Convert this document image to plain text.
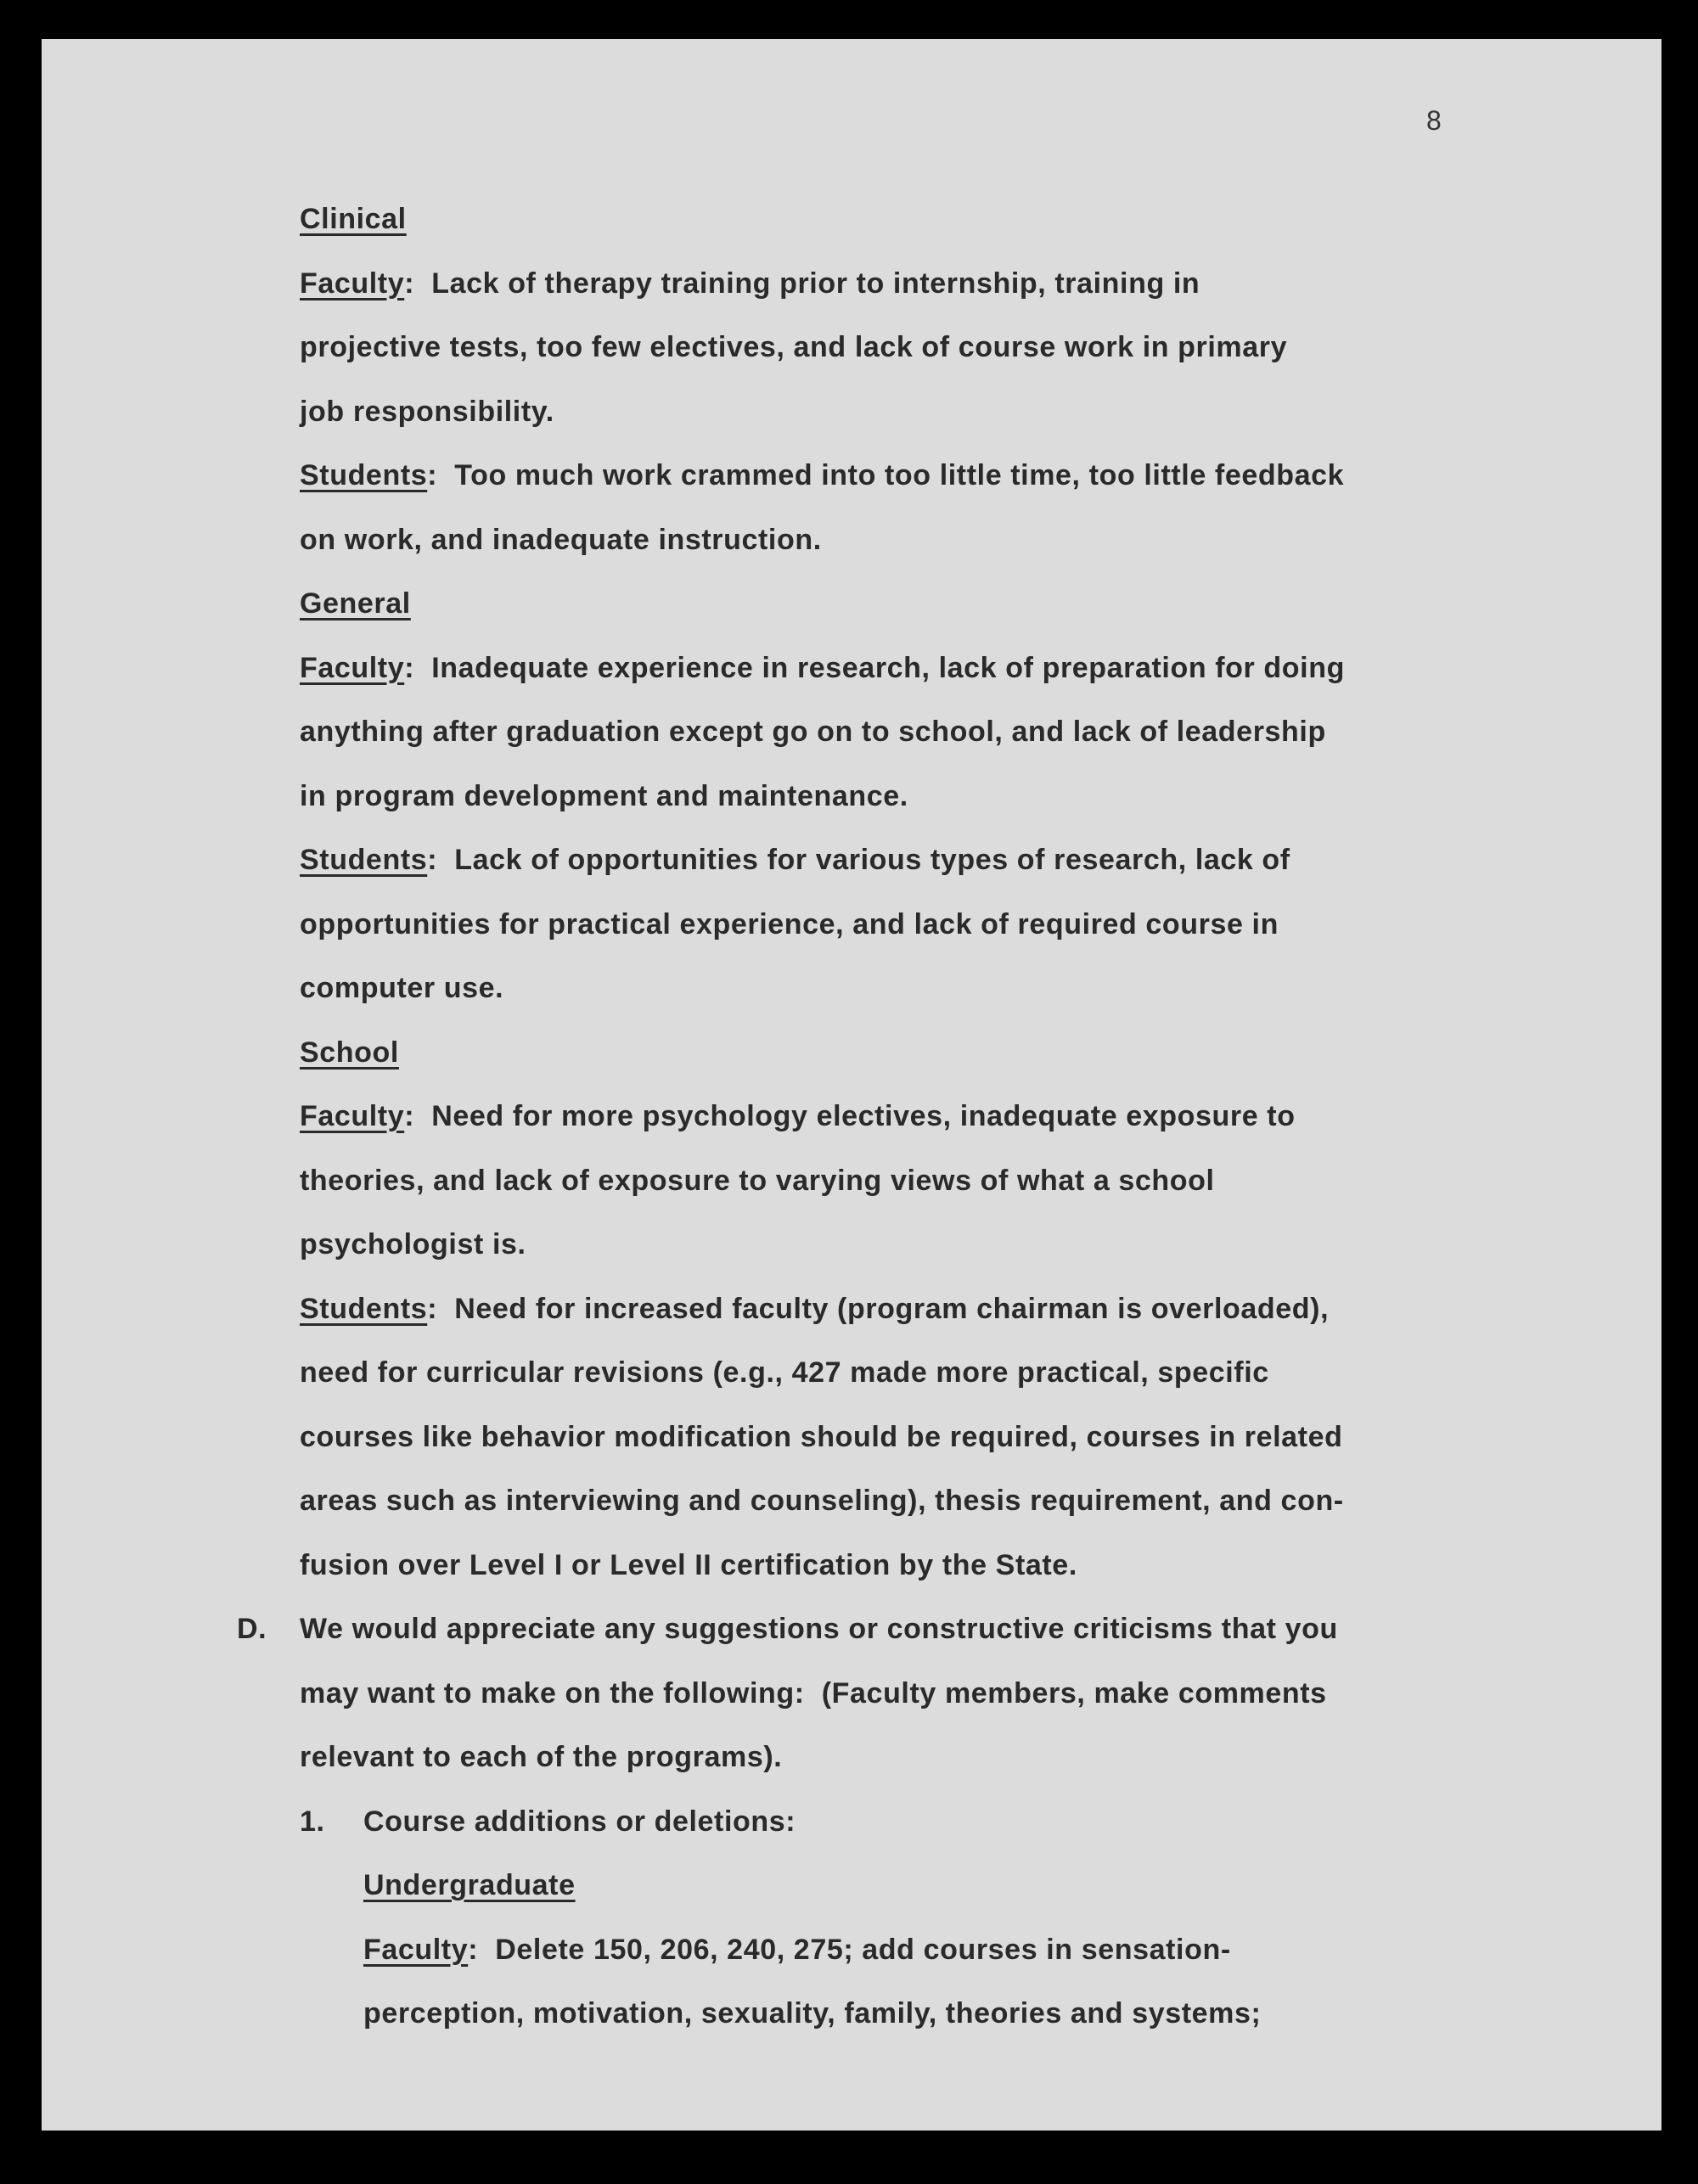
8
Clinical
Faculty:  Lack of therapy training prior to internship, training in
projective tests, too few electives, and lack of course work in primary
job responsibility.
Students:  Too much work crammed into too little time, too little feedback
on work, and inadequate instruction.
General
Faculty:  Inadequate experience in research, lack of preparation for doing
anything after graduation except go on to school, and lack of leadership
in program development and maintenance.
Students:  Lack of opportunities for various types of research, lack of
opportunities for practical experience, and lack of required course in
computer use.
School
Faculty:  Need for more psychology electives, inadequate exposure to
theories, and lack of exposure to varying views of what a school
psychologist is.
Students:  Need for increased faculty (program chairman is overloaded),
need for curricular revisions (e.g., 427 made more practical, specific
courses like behavior modification should be required, courses in related
areas such as interviewing and counseling), thesis requirement, and con-
fusion over Level I or Level II certification by the State.
D. We would appreciate any suggestions or constructive criticisms that you
may want to make on the following:  (Faculty members, make comments
relevant to each of the programs).
1. Course additions or deletions:
Undergraduate
Faculty:  Delete 150, 206, 240, 275; add courses in sensation-
perception, motivation, sexuality, family, theories and systems;
